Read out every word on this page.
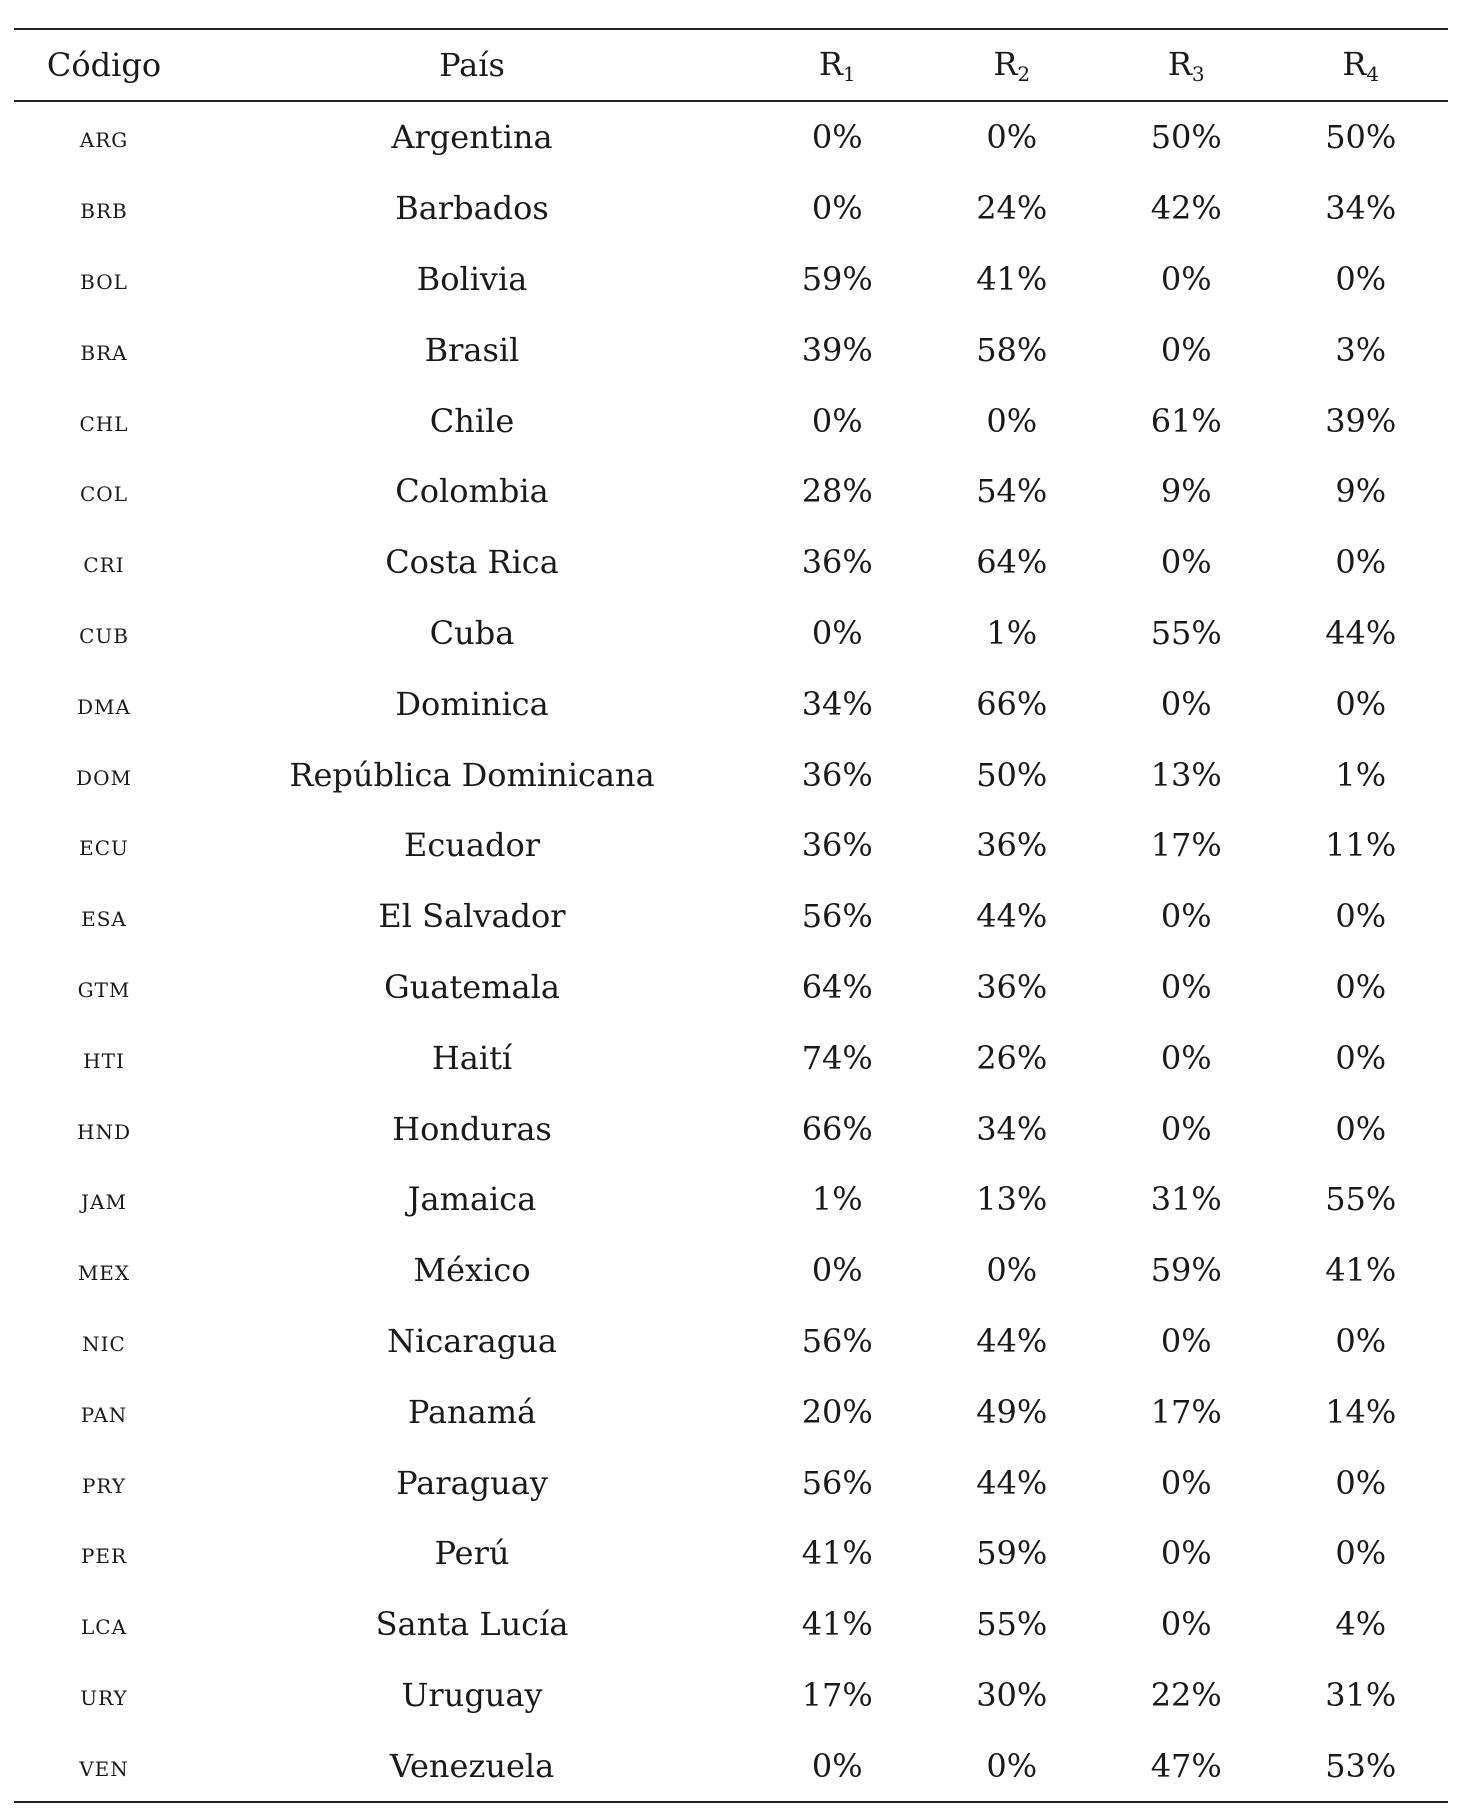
Código	País	$R_1$	$R_2$	$R_3$	$R_4$
arg	Argentina	0%	0%	50%	50%
brb	Barbados	0%	24%	42%	34%
bol	Bolivia	59%	41%	0%	0%
bra	Brasil	39%	58%	0%	3%
chl	Chile	0%	0%	61%	39%
col	Colombia	28%	54%	9%	9%
cri	Costa Rica	36%	64%	0%	0%
cub	Cuba	0%	1%	55%	44%
dma	Dominica	34%	66%	0%	0%
dom	República Dominicana	36%	50%	13%	1%
ecu	Ecuador	36%	36%	17%	11%
esa	El Salvador	56%	44%	0%	0%
gtm	Guatemala	64%	36%	0%	0%
hti	Haití	74%	26%	0%	0%
hnd	Honduras	66%	34%	0%	0%
jam	Jamaica	1%	13%	31%	55%
mex	México	0%	0%	59%	41%
nic	Nicaragua	56%	44%	0%	0%
pan	Panamá	20%	49%	17%	14%
pry	Paraguay	56%	44%	0%	0%
per	Perú	41%	59%	0%	0%
lca	Santa Lucía	41%	55%	0%	4%
ury	Uruguay	17%	30%	22%	31%
ven	Venezuela	0%	0%	47%	53%
